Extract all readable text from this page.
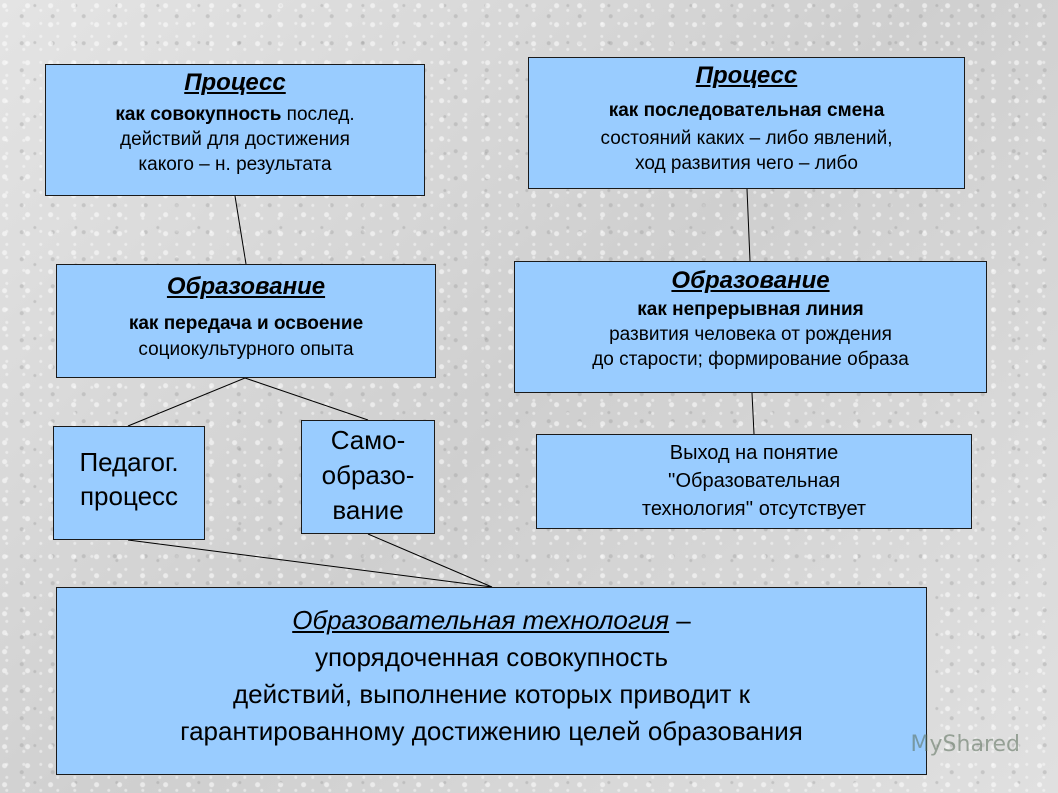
Процесс
как совокупность послед.
действий для достижения
какого – н. результата
Процесс
как последовательная смена
состояний каких – либо явлений,
ход развития чего – либо
Образование
как передача и освоение
социокультурного опыта
Образование
как непрерывная линия
развития человека от рождения
до старости; формирование образа
Педагог.
процесс
Само-
образо-
вание
Выход на понятие
''Образовательная
технология'' отсутствует
Образовательная технология –
упорядоченная совокупность
действий, выполнение которых приводит к
гарантированному достижению целей образования	MyShared
